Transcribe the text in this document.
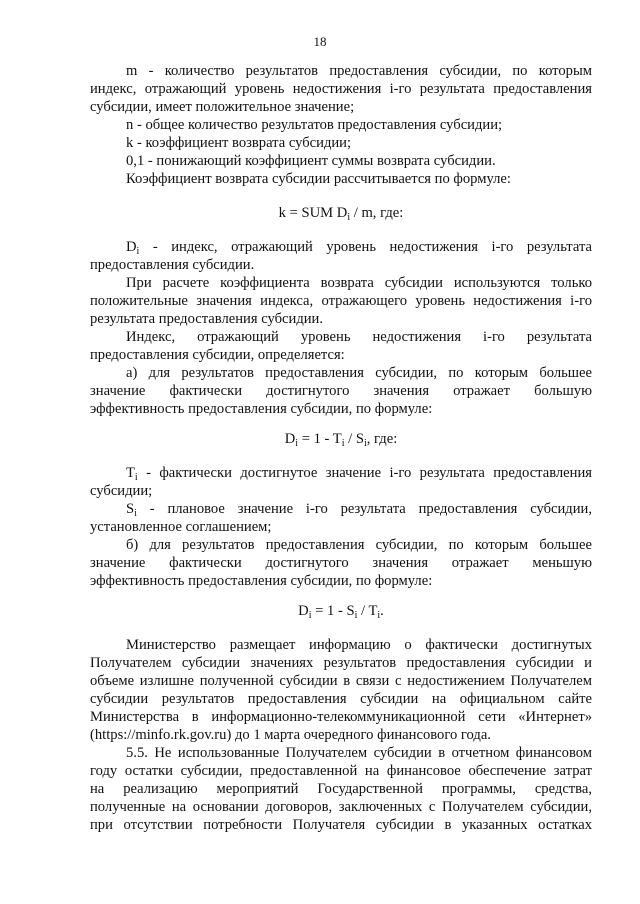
18
m - количество результатов предоставления субсидии, по которым
индекс, отражающий уровень недостижения i-го результата предоставления
субсидии, имеет положительное значение;
n - общее количество результатов предоставления субсидии;
k - коэффициент возврата субсидии;
0,1 - понижающий коэффициент суммы возврата субсидии.
Коэффициент возврата субсидии рассчитывается по формуле:
k = SUM $D_i$ / m, где:
$D_i$ - индекс, отражающий уровень недостижения i-го результата
предоставления субсидии.
При расчете коэффициента возврата субсидии используются только
положительные значения индекса, отражающего уровень недостижения i-го
результата предоставления субсидии.
Индекс, отражающий уровень недостижения i-го результата
предоставления субсидии, определяется:
а) для результатов предоставления субсидии, по которым большее
значение фактически достигнутого значения отражает большую
эффективность предоставления субсидии, по формуле:
$D_i = 1 - T_i / S_i$, где:
$T_i$ - фактически достигнутое значение i-го результата предоставления
субсидии;
$S_i$ - плановое значение i-го результата предоставления субсидии,
установленное соглашением;
б) для результатов предоставления субсидии, по которым большее
значение фактически достигнутого значения отражает меньшую
эффективность предоставления субсидии, по формуле:
$D_i = 1 - S_i / T_i$.
Министерство размещает информацию о фактически достигнутых
Получателем субсидии значениях результатов предоставления субсидии и
объеме излишне полученной субсидии в связи с недостижением Получателем
субсидии результатов предоставления субсидии на официальном сайте
Министерства в информационно-телекоммуникационной сети «Интернет»
(https://minfo.rk.gov.ru) до 1 марта очередного финансового года.
5.5. Не использованные Получателем субсидии в отчетном финансовом
году остатки субсидии, предоставленной на финансовое обеспечение затрат
на реализацию мероприятий Государственной программы, средства,
полученные на основании договоров, заключенных с Получателем субсидии,
при отсутствии потребности Получателя субсидии в указанных остатках
